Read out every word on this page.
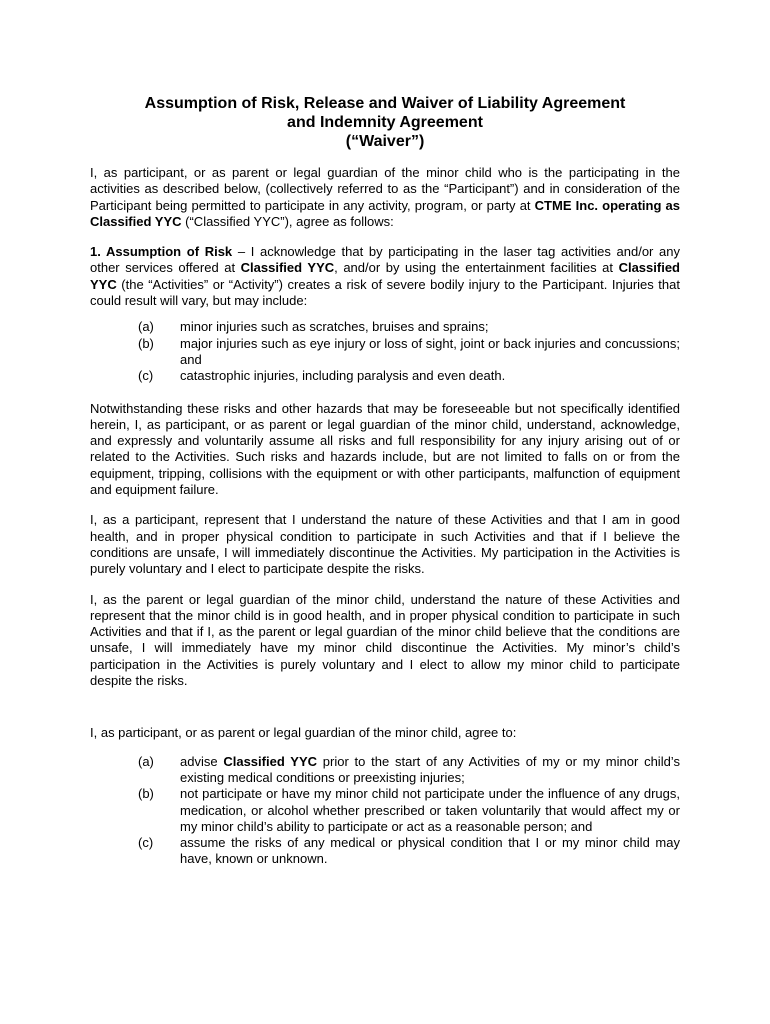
Assumption of Risk, Release and Waiver of Liability Agreement
and Indemnity Agreement
(“Waiver”)

I, as participant, or as parent or legal guardian of the minor child who is the participating in the activities as described below, (collectively referred to as the “Participant”) and in consideration of the Participant being permitted to participate in any activity, program, or party at CTME Inc. operating as Classified YYC (“Classified YYC”), agree as follows:

1. Assumption of Risk – I acknowledge that by participating in the laser tag activities and/or any other services offered at Classified YYC, and/or by using the entertainment facilities at Classified YYC (the “Activities” or “Activity”) creates a risk of severe bodily injury to the Participant. Injuries that could result will vary, but may include:

(a)	minor injuries such as scratches, bruises and sprains;
(b)	major injuries such as eye injury or loss of sight, joint or back injuries and concussions; and
(c)	catastrophic injuries, including paralysis and even death.

Notwithstanding these risks and other hazards that may be foreseeable but not specifically identified herein, I, as participant, or as parent or legal guardian of the minor child, understand, acknowledge, and expressly and voluntarily assume all risks and full responsibility for any injury arising out of or related to the Activities. Such risks and hazards include, but are not limited to falls on or from the equipment, tripping, collisions with the equipment or with other participants, malfunction of equipment and equipment failure.

I, as a participant, represent that I understand the nature of these Activities and that I am in good health, and in proper physical condition to participate in such Activities and that if I believe the conditions are unsafe, I will immediately discontinue the Activities. My participation in the Activities is purely voluntary and I elect to participate despite the risks.

I, as the parent or legal guardian of the minor child, understand the nature of these Activities and represent that the minor child is in good health, and in proper physical condition to participate in such Activities and that if I, as the parent or legal guardian of the minor child believe that the conditions are unsafe, I will immediately have my minor child discontinue the Activities. My minor’s child’s participation in the Activities is purely voluntary and I elect to allow my minor child to participate despite the risks.

I, as participant, or as parent or legal guardian of the minor child, agree to:

(a)	advise Classified YYC prior to the start of any Activities of my or my minor child’s existing medical conditions or preexisting injuries;
(b)	not participate or have my minor child not participate under the influence of any drugs, medication, or alcohol whether prescribed or taken voluntarily that would affect my or my minor child’s ability to participate or act as a reasonable person; and
(c)	assume the risks of any medical or physical condition that I or my minor child may have, known or unknown.
